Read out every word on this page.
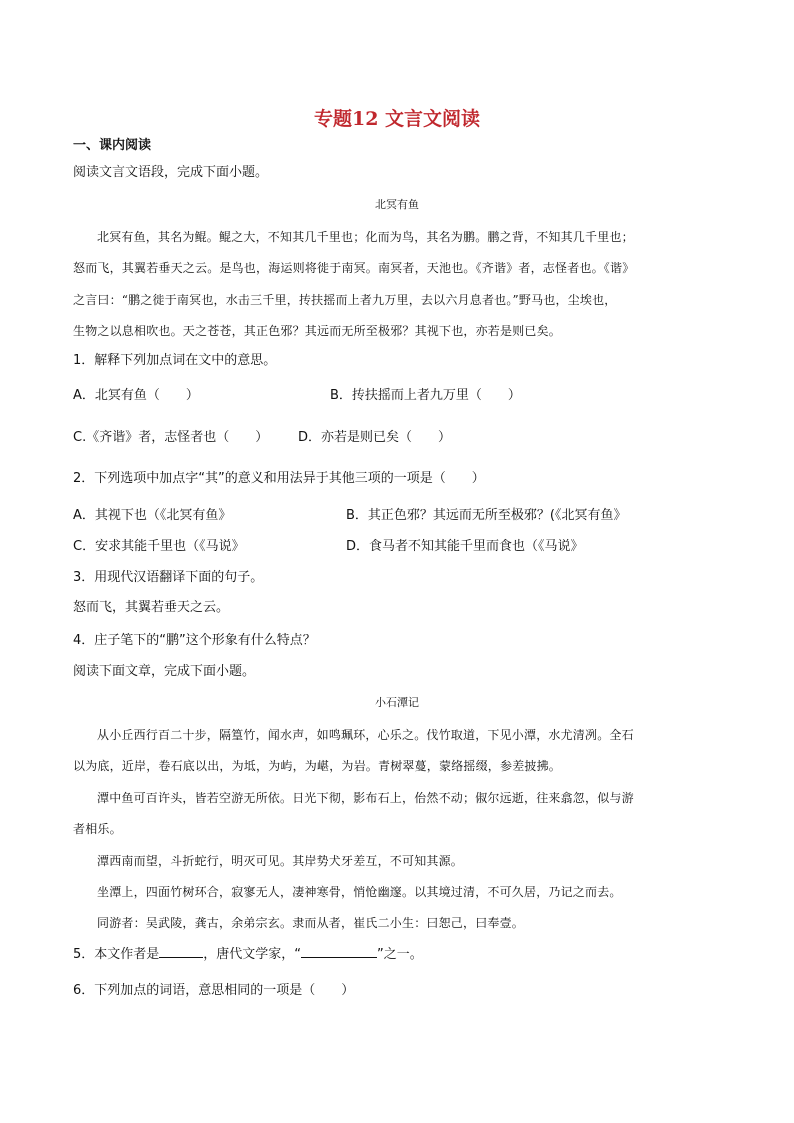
专题12 文言文阅读
一、课内阅读
阅读文言文语段，完成下面小题。
北冥有鱼
北冥有鱼，其名为鲲。鲲之大，不知其几千里也；化而为鸟，其名为鹏。鹏之背，不知其几千里也；
怒而飞，其翼若垂天之云。是鸟也，海运则将徙于南冥。南冥者，天池也。《齐谐》者，志怪者也。《谐》
之言曰：“鹏之徙于南冥也，水击三千里，抟扶摇而上者九万里，去以六月息者也。”野马也，尘埃也，
生物之以息相吹也。天之苍苍，其正色邪？其远而无所至极邪？其视下也，亦若是则已矣。
1．解释下列加点词在文中的意思。
A．北冥有鱼（　　）	B．抟扶摇而上者九万里（　　）
C.《齐谐》者，志怪者也（　　） D．亦若是则已矣（　　）
2．下列选项中加点字“其”的意义和用法异于其他三项的一项是（　　）
A．其视下也（《北冥有鱼》	B．其正色邪？其远而无所至极邪？(《北冥有鱼》
C．安求其能千里也（《马说》	D．食马者不知其能千里而食也（《马说》
3．用现代汉语翻译下面的句子。
怒而飞，其翼若垂天之云。
4．庄子笔下的“鹏”这个形象有什么特点？
阅读下面文章，完成下面小题。
小石潭记
从小丘西行百二十步，隔篁竹，闻水声，如鸣珮环，心乐之。伐竹取道，下见小潭，水尤清冽。全石
以为底，近岸，卷石底以出，为坻，为屿，为嵁，为岩。青树翠蔓，蒙络摇缀，参差披拂。
潭中鱼可百许头，皆若空游无所依。日光下彻，影布石上，佁然不动；俶尔远逝，往来翕忽，似与游
者相乐。
潭西南而望，斗折蛇行，明灭可见。其岸势犬牙差互，不可知其源。
坐潭上，四面竹树环合，寂寥无人，凄神寒骨，悄怆幽邃。以其境过清，不可久居，乃记之而去。
同游者：吴武陵，龚古，余弟宗玄。隶而从者，崔氏二小生：曰恕己，曰奉壹。
5．本文作者是	，唐代文学家，“	”之一。
6．下列加点的词语，意思相同的一项是（　　）
